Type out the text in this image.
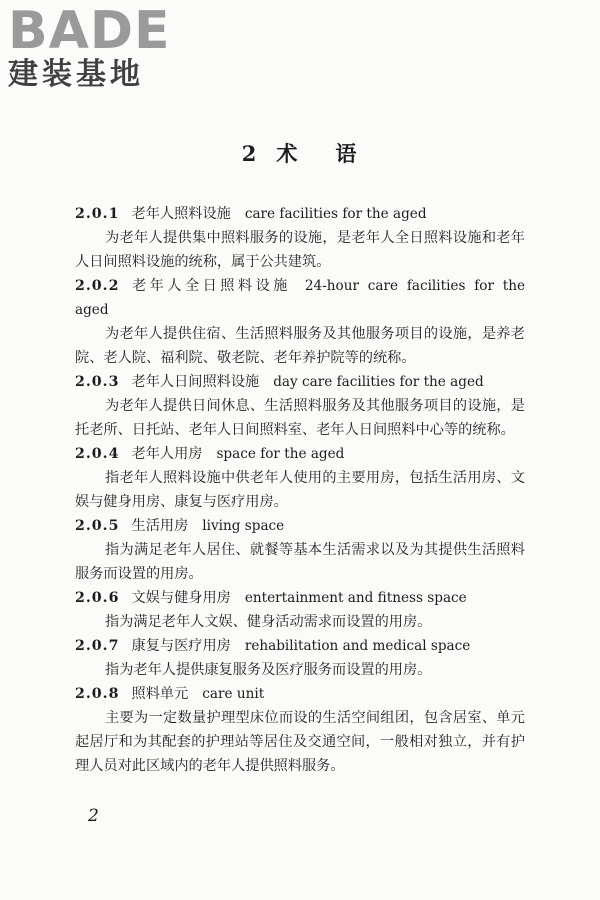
BADE
建装基地
2 术 语
2.0.1 老年人照料设施 care facilities for the aged
为老年人提供集中照料服务的设施，是老年人全日照料设施和老年人日间照料设施的统称，属于公共建筑。
2.0.2 老年人全日照料设施 24-hour care facilities for the aged
为老年人提供住宿、生活照料服务及其他服务项目的设施，是养老院、老人院、福利院、敬老院、老年养护院等的统称。
2.0.3 老年人日间照料设施 day care facilities for the aged
为老年人提供日间休息、生活照料服务及其他服务项目的设施，是托老所、日托站、老年人日间照料室、老年人日间照料中心等的统称。
2.0.4 老年人用房 space for the aged
指老年人照料设施中供老年人使用的主要用房，包括生活用房、文娱与健身用房、康复与医疗用房。
2.0.5 生活用房 living space
指为满足老年人居住、就餐等基本生活需求以及为其提供生活照料服务而设置的用房。
2.0.6 文娱与健身用房 entertainment and fitness space
指为满足老年人文娱、健身活动需求而设置的用房。
2.0.7 康复与医疗用房 rehabilitation and medical space
指为老年人提供康复服务及医疗服务而设置的用房。
2.0.8 照料单元 care unit
主要为一定数量护理型床位而设的生活空间组团，包含居室、单元起居厅和为其配套的护理站等居住及交通空间，一般相对独立，并有护理人员对此区域内的老年人提供照料服务。
2
